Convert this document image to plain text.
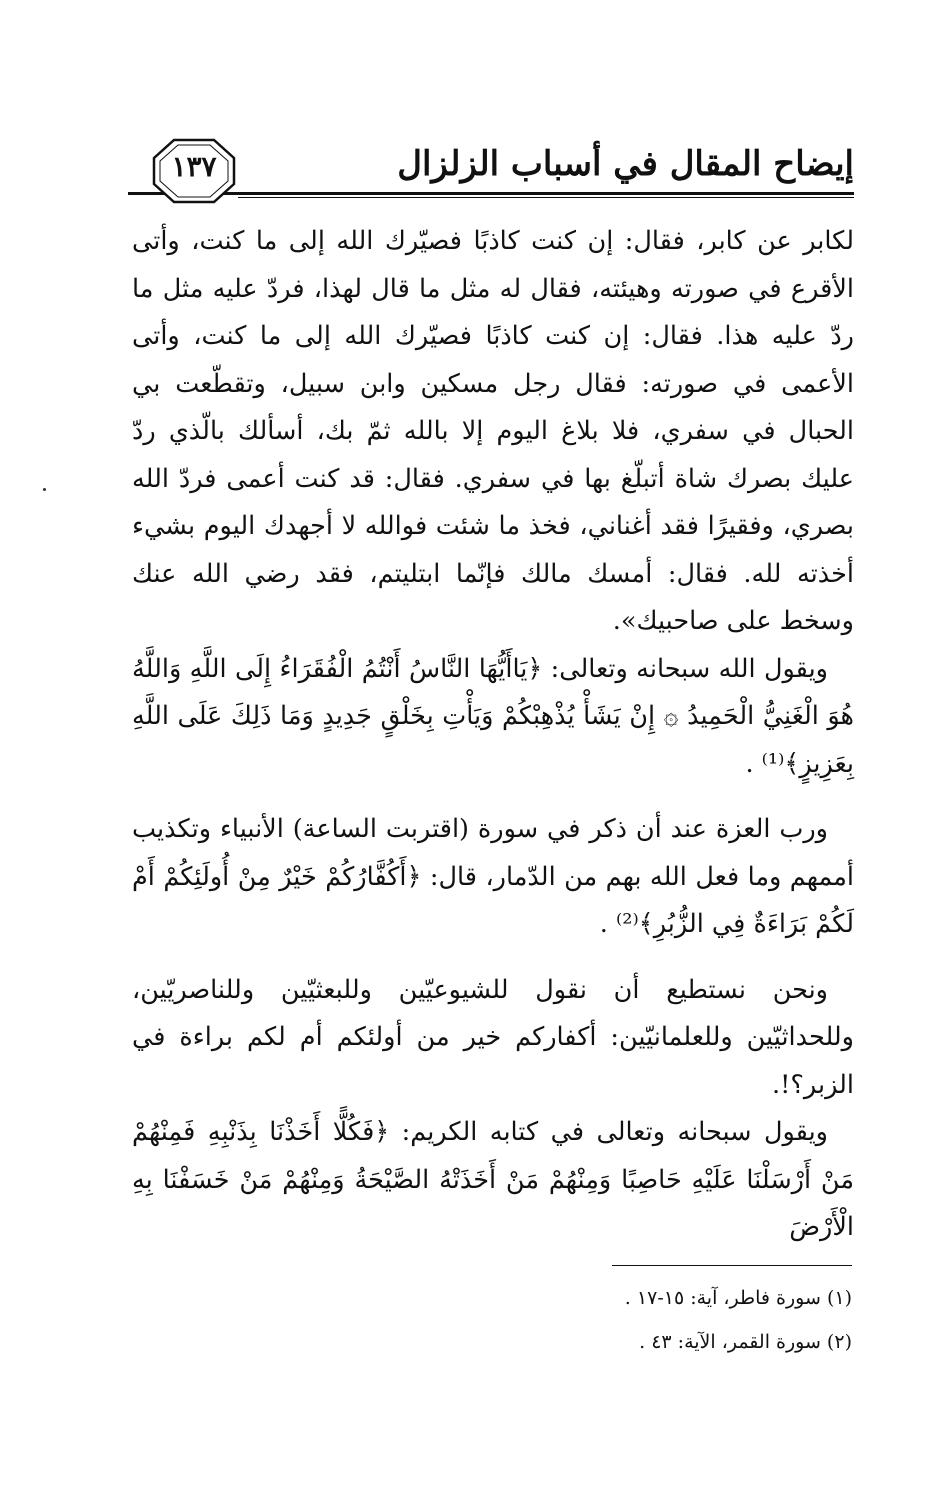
إيضاح المقال في أسباب الزلزال
١٣٧

لكابر عن كابر، فقال: إن كنت كاذبًا فصيّرك الله إلى ما كنت، وأتى الأقرع في صورته وهيئته، فقال له مثل ما قال لهذا، فردّ عليه مثل ما ردّ عليه هذا. فقال: إن كنت كاذبًا فصيّرك الله إلى ما كنت، وأتى الأعمى في صورته: فقال رجل مسكين وابن سبيل، وتقطّعت بي الحبال في سفري، فلا بلاغ اليوم إلا بالله ثمّ بك، أسألك بالّذي ردّ عليك بصرك شاة أتبلّغ بها في سفري. فقال: قد كنت أعمى فردّ الله بصري، وفقيرًا فقد أغناني، فخذ ما شئت فوالله لا أجهدك اليوم بشيء أخذته لله. فقال: أمسك مالك فإنّما ابتليتم، فقد رضي الله عنك وسخط على صاحبيك».

ويقول الله سبحانه وتعالى: ﴿يَاأَيُّهَا النَّاسُ أَنْتُمُ الْفُقَرَاءُ إِلَى اللَّهِ وَاللَّهُ هُوَ الْغَنِيُّ الْحَمِيدُ ۞ إِنْ يَشَأْ يُذْهِبْكُمْ وَيَأْتِ بِخَلْقٍ جَدِيدٍ وَمَا ذَلِكَ عَلَى اللَّهِ بِعَزِيزٍ﴾⁽¹⁾ .

ورب العزة عند أن ذكر في سورة (اقتربت الساعة) الأنبياء وتكذيب أممهم وما فعل الله بهم من الدّمار، قال: ﴿أَكُفَّارُكُمْ خَيْرٌ مِنْ أُولَئِكُمْ أَمْ لَكُمْ بَرَاءَةٌ فِي الزُّبُرِ﴾⁽²⁾ .

ونحن نستطيع أن نقول للشيوعيّين وللبعثيّين وللناصريّين، وللحداثيّين وللعلمانيّين: أكفاركم خير من أولئكم أم لكم براءة في الزبر؟!.

ويقول سبحانه وتعالى في كتابه الكريم: ﴿فَكُلًّا أَخَذْنَا بِذَنْبِهِ فَمِنْهُمْ مَنْ أَرْسَلْنَا عَلَيْهِ حَاصِبًا وَمِنْهُمْ مَنْ أَخَذَتْهُ الصَّيْحَةُ وَمِنْهُمْ مَنْ خَسَفْنَا بِهِ الْأَرْضَ

(١) سورة فاطر، آية: ١٥-١٧ .

(٢) سورة القمر، الآية: ٤٣ .
